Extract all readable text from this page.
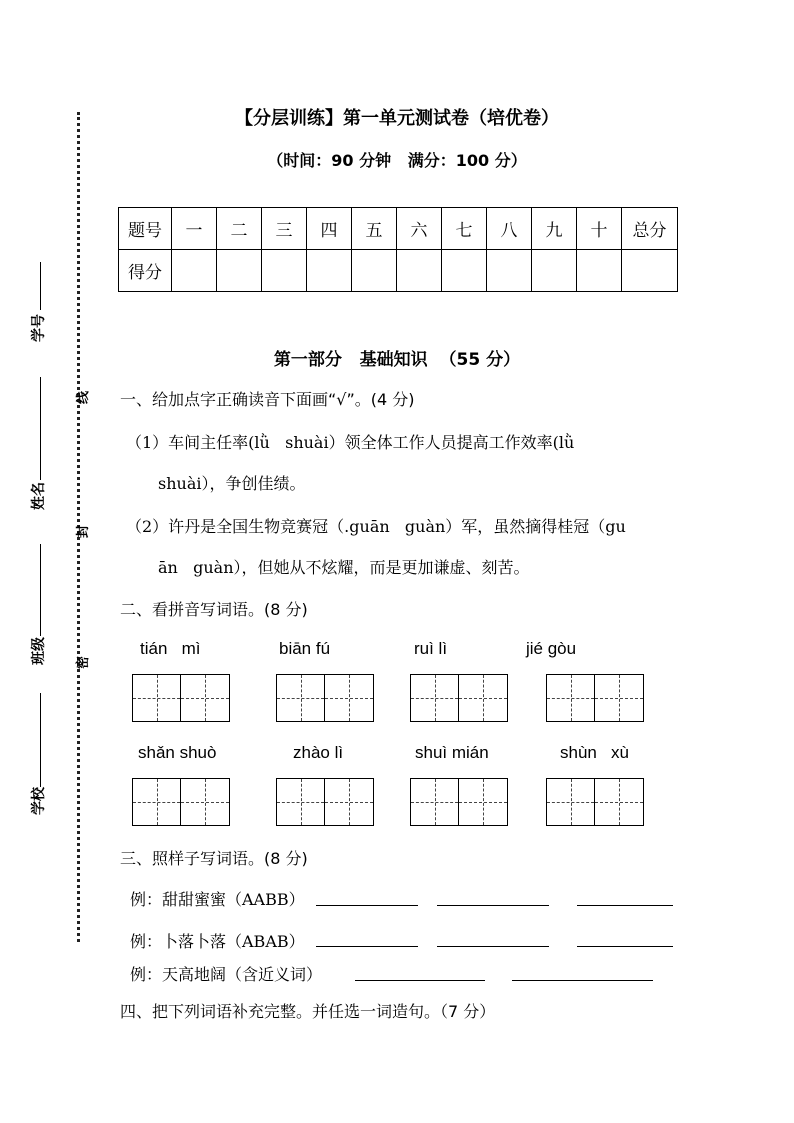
学号
姓名
班级
学校
线
封
密
【分层训练】第一单元测试卷（培优卷）
（时间：90 分钟   满分：100 分）
题号	一	二	三	四	五	六	七	八	九	十	总分
得分											
第一部分   基础知识  （55 分）
一、给加点字正确读音下面画“√”。(4 分)
（1）车间主任率(lǜ   shuài）领全体工作人员提高工作效率(lǜ
shuài），争创佳绩。
（2）许丹是全国生物竞赛冠（.guān   guàn）军，虽然摘得桂冠（gu
ān   guàn），但她从不炫耀，而是更加谦虚、刻苦。
二、看拼音写词语。(8 分)
tián   mì	biān fú	ruì lì	jié gòu
shǎn shuò	zhào lì	shuì mián	shùn   xù
三、照样子写词语。(8 分)
例：甜甜蜜蜜（AABB）
例：卜落卜落（ABAB）
例：天高地阔（含近义词）
四、把下列词语补充完整。并任选一词造句。（7 分）
